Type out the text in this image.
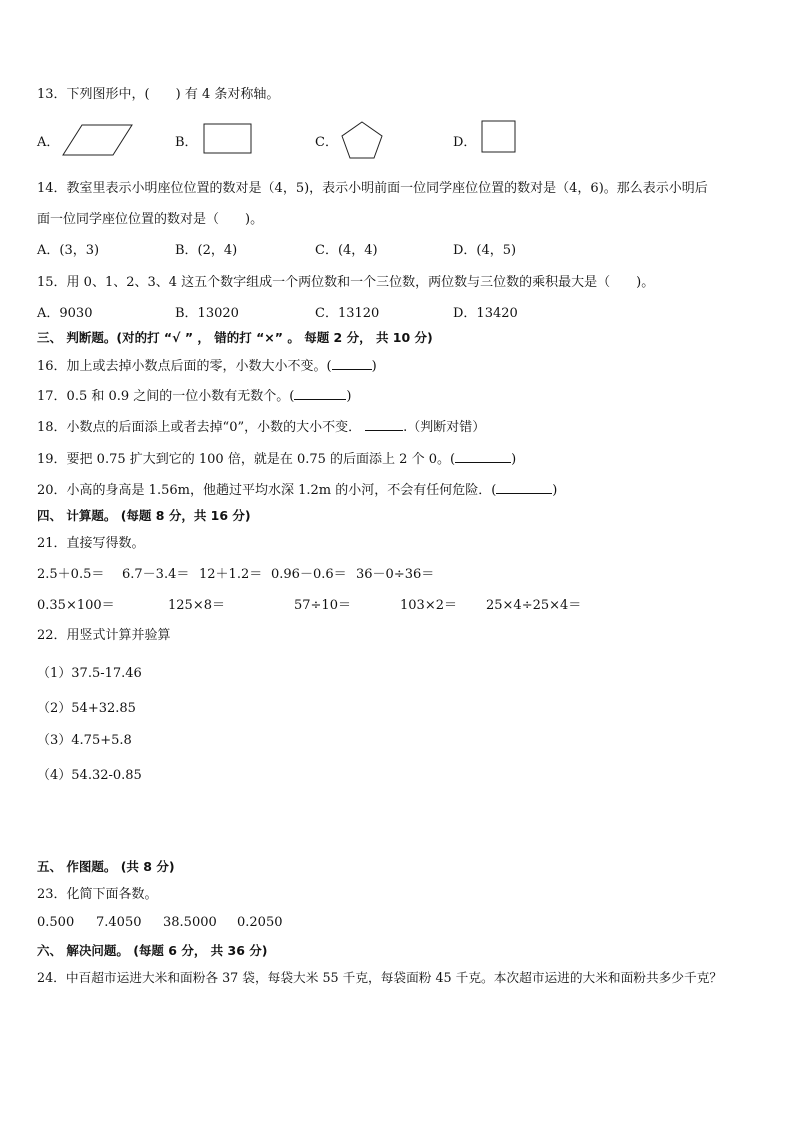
13．下列图形中，(　　) 有 4 条对称轴。
A．	B．	C．	D．
14．教室里表示小明座位位置的数对是（4，5)，表示小明前面一位同学座位位置的数对是（4，6)。那么表示小明后
面一位同学座位位置的数对是（　　)。
A．(3，3)	B．(2，4)	C．(4，4)	D．(4，5)
15．用 0、1、2、3、4 这五个数字组成一个两位数和一个三位数，两位数与三位数的乘积最大是（　　)。
A．9030	B．13020	C．13120	D．13420
三、 判断题。(对的打 “√ ” ， 错的打 “×” 。 每题 2 分， 共 10 分)
16．加上或去掉小数点后面的零，小数大小不变。(	)
17．0.5 和 0.9 之间的一位小数有无数个。(	)
18．小数点的后面添上或者去掉“0”，小数的大小不变．	.（判断对错）
19．要把 0.75 扩大到它的 100 倍，就是在 0.75 的后面添上 2 个 0。(	)
20．小高的身高是 1.56m，他趟过平均水深 1.2m 的小河，不会有任何危险．(	)
四、 计算题。 (每题 8 分，共 16 分)
21．直接写得数。
2.5＋0.5＝ 6.7－3.4＝ 12＋1.2＝ 0.96－0.6＝ 36－0÷36＝
0.35×100＝	125×8＝	57÷10＝	103×2＝ 25×4÷25×4＝
22．用竖式计算并验算
（1）37.5-17.46
（2）54+32.85
（3）4.75+5.8
（4）54.32-0.85
五、 作图题。 (共 8 分)
23．化简下面各数。
0.500 7.4050 38.5000 0.2050
六、 解决问题。 (每题 6 分， 共 36 分)
24．中百超市运进大米和面粉各 37 袋，每袋大米 55 千克，每袋面粉 45 千克。本次超市运进的大米和面粉共多少千克？
